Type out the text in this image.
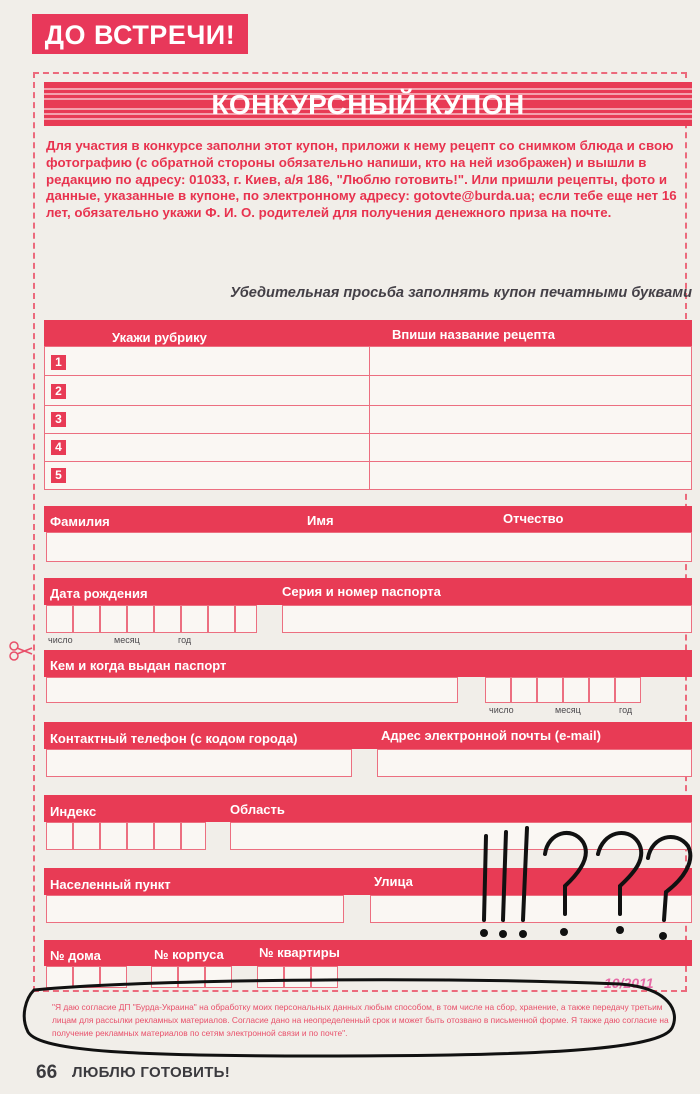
ДО ВСТРЕЧИ!
КОНКУРСНЫЙ КУПОН
Для участия в конкурсе заполни этот купон, приложи к нему рецепт со снимком блюда и свою фотографию (с обратной стороны обязательно напиши, кто на ней изображен) и вышли в редакцию по адресу: 01033, г. Киев, а/я 186, "Люблю готовить!". Или пришли рецепты, фото и данные, указанные в купоне, по электронному адресу: gotovte@burda.ua; если тебе еще нет 16 лет, обязательно укажи Ф. И. О. родителей для получения денежного приза на почте.
Убедительная просьба заполнять купон печатными буквами
Укажи рубрику	Впиши название рецепта
1
2
3
4
5
Фамилия	Имя	Отчество
Дата рождения	Серия и номер паспорта
число	месяц	год
Кем и когда выдан паспорт
число	месяц	год
Контактный телефон (с кодом города)	Адрес электронной почты (e-mail)
Индекс	Область
Населенный пункт	Улица
№ дома	№ корпуса	№ квартиры
10/2011
"Я даю согласие ДП "Бурда-Украина" на обработку моих персональных данных любым способом, в том числе на сбор, хранение, а также передачу третьим лицам для рассылки рекламных материалов. Согласие дано на неопределенный срок и может быть отозвано в письменной форме. Я также даю согласие на получение рекламных материалов по сетям электронной связи и по почте".
66 ЛЮБЛЮ ГОТОВИТЬ!
